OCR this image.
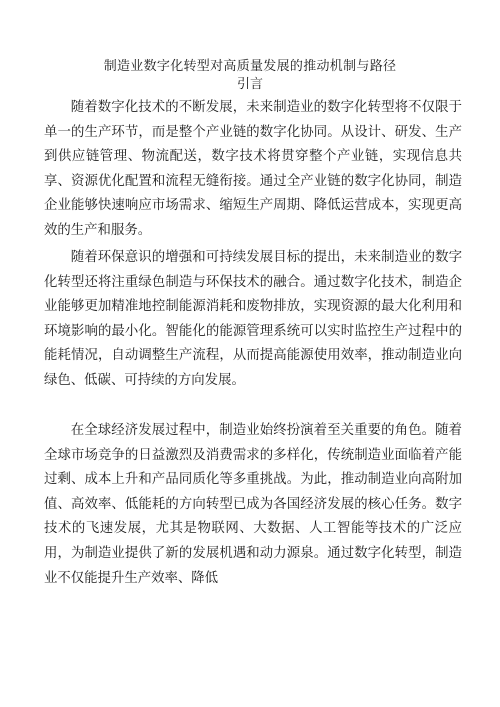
制造业数字化转型对高质量发展的推动机制与路径
引言

随着数字化技术的不断发展，未来制造业的数字化转型将不仅限于单一的生产环节，而是整个产业链的数字化协同。从设计、研发、生产到供应链管理、物流配送，数字技术将贯穿整个产业链，实现信息共享、资源优化配置和流程无缝衔接。通过全产业链的数字化协同，制造企业能够快速响应市场需求、缩短生产周期、降低运营成本，实现更高效的生产和服务。

随着环保意识的增强和可持续发展目标的提出，未来制造业的数字化转型还将注重绿色制造与环保技术的融合。通过数字化技术，制造企业能够更加精准地控制能源消耗和废物排放，实现资源的最大化利用和环境影响的最小化。智能化的能源管理系统可以实时监控生产过程中的能耗情况，自动调整生产流程，从而提高能源使用效率，推动制造业向绿色、低碳、可持续的方向发展。

在全球经济发展过程中，制造业始终扮演着至关重要的角色。随着全球市场竞争的日益激烈及消费需求的多样化，传统制造业面临着产能过剩、成本上升和产品同质化等多重挑战。为此，推动制造业向高附加值、高效率、低能耗的方向转型已成为各国经济发展的核心任务。数字技术的飞速发展，尤其是物联网、大数据、人工智能等技术的广泛应用，为制造业提供了新的发展机遇和动力源泉。通过数字化转型，制造业不仅能提升生产效率、降低
